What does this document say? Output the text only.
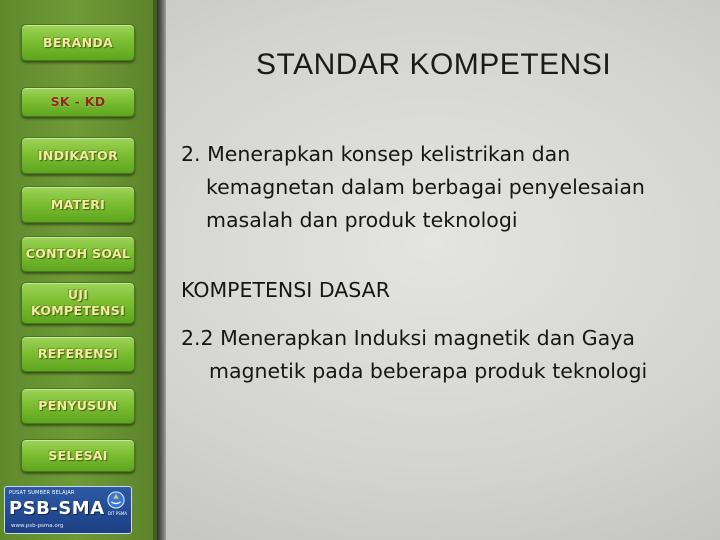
BERANDA
SK - KD
INDIKATOR
MATERI
CONTOH SOAL
UJI
KOMPETENSI
REFERENSI
PENYUSUN
SELESAI
PUSAT SUMBER BELAJAR
PSB-SMA
www.psb-psma.org
DIT PSMA
STANDAR KOMPETENSI

2. Menerapkan konsep kelistrikan dan kemagnetan dalam berbagai penyelesaian masalah dan produk teknologi

KOMPETENSI DASAR

2.2 Menerapkan Induksi magnetik dan Gaya magnetik pada beberapa produk teknologi
